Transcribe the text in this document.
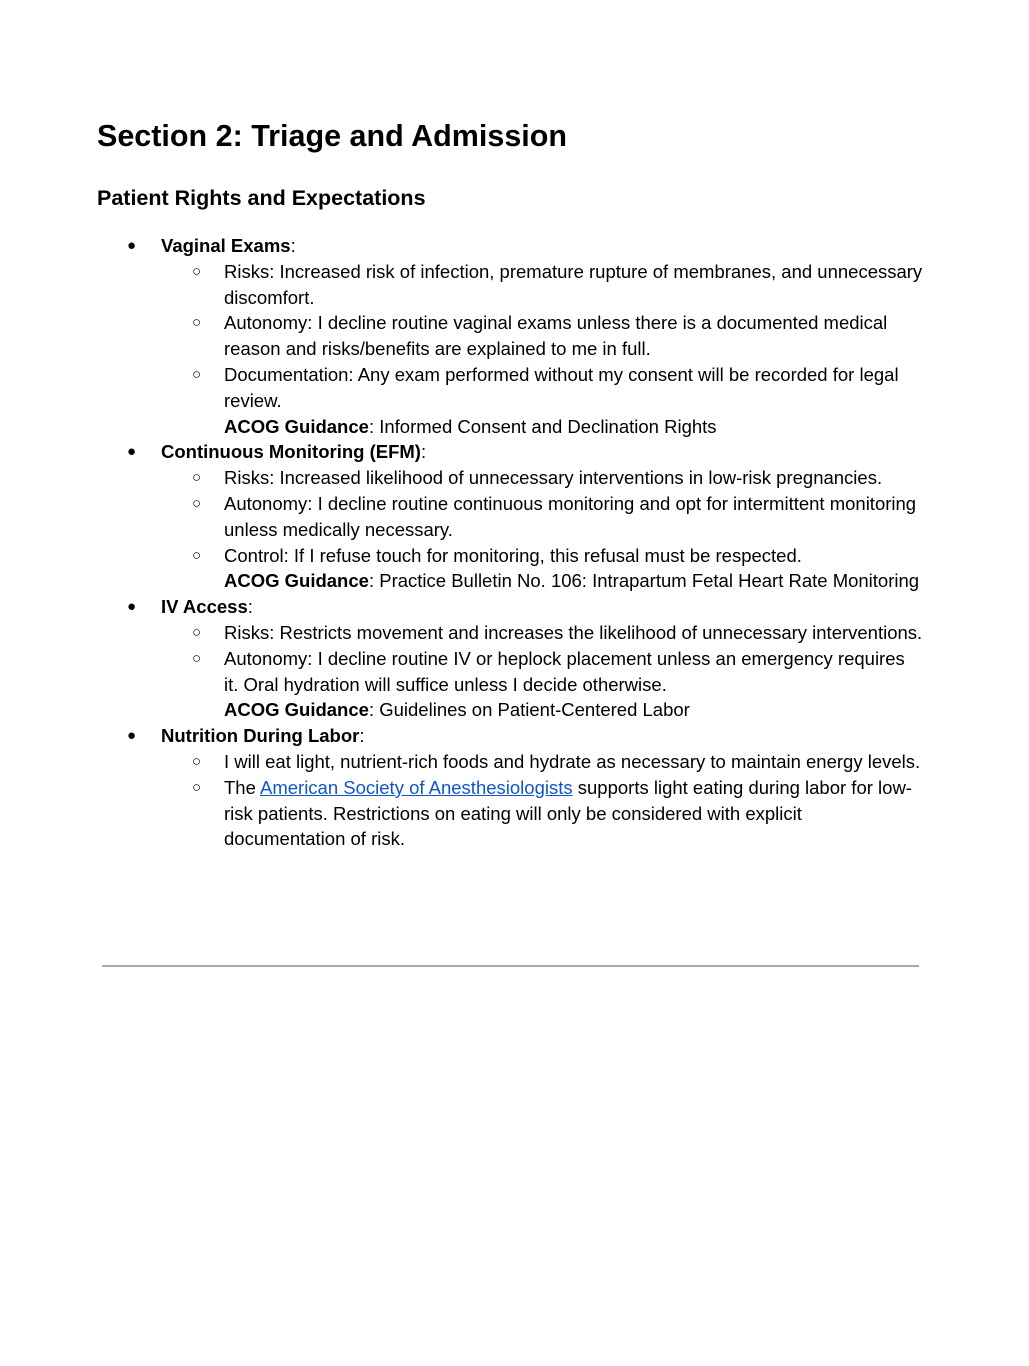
Section 2: Triage and Admission
Patient Rights and Expectations
● Vaginal Exams:
○ Risks: Increased risk of infection, premature rupture of membranes, and unnecessary discomfort.
○ Autonomy: I decline routine vaginal exams unless there is a documented medical reason and risks/benefits are explained to me in full.
○ Documentation: Any exam performed without my consent will be recorded for legal review.
ACOG Guidance: Informed Consent and Declination Rights
● Continuous Monitoring (EFM):
○ Risks: Increased likelihood of unnecessary interventions in low-risk pregnancies.
○ Autonomy: I decline routine continuous monitoring and opt for intermittent monitoring unless medically necessary.
○ Control: If I refuse touch for monitoring, this refusal must be respected.
ACOG Guidance: Practice Bulletin No. 106: Intrapartum Fetal Heart Rate Monitoring
● IV Access:
○ Risks: Restricts movement and increases the likelihood of unnecessary interventions.
○ Autonomy: I decline routine IV or heplock placement unless an emergency requires it. Oral hydration will suffice unless I decide otherwise.
ACOG Guidance: Guidelines on Patient-Centered Labor
● Nutrition During Labor:
○ I will eat light, nutrient-rich foods and hydrate as necessary to maintain energy levels.
○ The American Society of Anesthesiologists supports light eating during labor for low-risk patients. Restrictions on eating will only be considered with explicit documentation of risk.
